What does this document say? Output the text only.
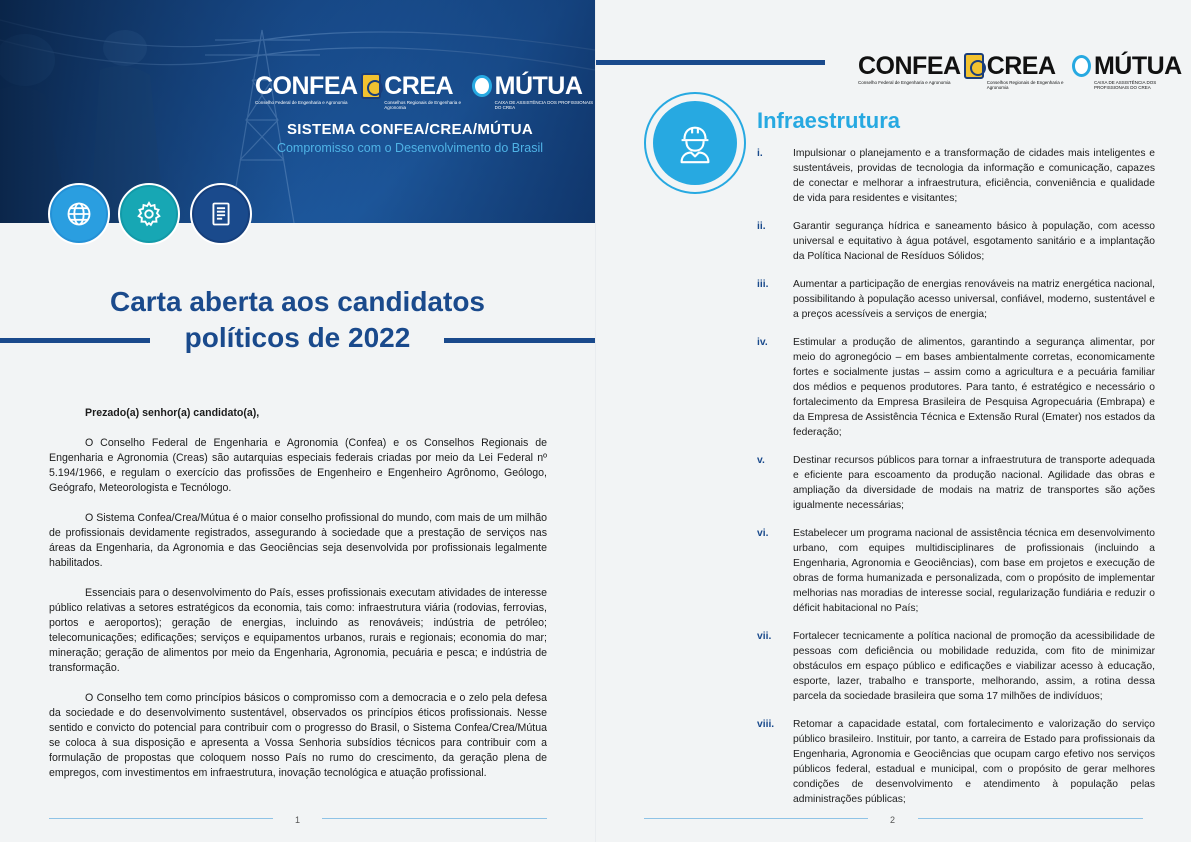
CONFEA
Conselho Federal de Engenharia e Agronomia
CREA
Conselhos Regionais de Engenharia e Agronomia
MÚTUA
CAIXA DE ASSISTÊNCIA DOS PROFISSIONAIS DO CREA
SISTEMA CONFEA/CREA/MÚTUA
Compromisso com o Desenvolvimento do Brasil
Carta aberta aos candidatos
políticos de 2022

Prezado(a) senhor(a) candidato(a),

O Conselho Federal de Engenharia e Agronomia (Confea) e os Conselhos Regionais de Engenharia e Agronomia (Creas) são autarquias especiais federais criadas por meio da Lei Federal nº 5.194/1966, e regulam o exercício das profissões de Engenheiro e Engenheiro Agrônomo, Geólogo, Geógrafo, Meteorologista e Tecnólogo.

O Sistema Confea/Crea/Mútua é o maior conselho profissional do mundo, com mais de um milhão de profissionais devidamente registrados, assegurando à sociedade que a prestação de serviços nas áreas da Engenharia, da Agronomia e das Geociências seja desenvolvida por profissionais legalmente habilitados.

Essenciais para o desenvolvimento do País, esses profissionais executam atividades de interesse público relativas a setores estratégicos da economia, tais como: infraestrutura viária (rodovias, ferrovias, portos e aeroportos); geração de energias, incluindo as renováveis; indústria de petróleo; telecomunicações; edificações; serviços e equipamentos urbanos, rurais e regionais; economia do mar; mineração; geração de alimentos por meio da Engenharia, Agronomia, pecuária e pesca; e indústria de transformação.

O Conselho tem como princípios básicos o compromisso com a democracia e o zelo pela defesa da sociedade e do desenvolvimento sustentável, observados os princípios éticos profissionais. Nesse sentido e convicto do potencial para contribuir com o progresso do Brasil, o Sistema Confea/Crea/Mútua se coloca à sua disposição e apresenta a Vossa Senhoria subsídios técnicos para contribuir com a formulação de propostas que coloquem nosso País no rumo do crescimento, da geração plena de empregos, com investimentos em infraestrutura, inovação tecnológica e atuação profissional.

1
CONFEA
Conselho Federal de Engenharia e Agronomia
CREA
Conselhos Regionais de Engenharia e Agronomia
MÚTUA
CAIXA DE ASSISTÊNCIA DOS PROFISSIONAIS DO CREA
Infraestrutura
i.	Impulsionar o planejamento e a transformação de cidades mais inteligentes e sustentáveis, providas de tecnologia da informação e comunicação, capazes de conectar e melhorar a infraestrutura, eficiência, conveniência e qualidade de vida para residentes e visitantes;
ii.	Garantir segurança hídrica e saneamento básico à população, com acesso universal e equitativo à água potável, esgotamento sanitário e a implantação da Política Nacional de Resíduos Sólidos;
iii.	Aumentar a participação de energias renováveis na matriz energética nacional, possibilitando à população acesso universal, confiável, moderno, sustentável e a preços acessíveis a serviços de energia;
iv.	Estimular a produção de alimentos, garantindo a segurança alimentar, por meio do agronegócio – em bases ambientalmente corretas, economicamente fortes e socialmente justas – assim como a agricultura e a pecuária familiar dos médios e pequenos produtores. Para tanto, é estratégico e necessário o fortalecimento da Empresa Brasileira de Pesquisa Agropecuária (Embrapa) e da Empresa de Assistência Técnica e Extensão Rural (Emater) nos estados da federação;
v.	Destinar recursos públicos para tornar a infraestrutura de transporte adequada e eficiente para escoamento da produção nacional. Agilidade das obras e ampliação da diversidade de modais na matriz de transportes são ações igualmente necessárias;
vi.	Estabelecer um programa nacional de assistência técnica em desenvolvimento urbano, com equipes multidisciplinares de profissionais (incluindo a Engenharia, Agronomia e Geociências), com base em projetos e execução de obras de forma humanizada e personalizada, com o propósito de implementar melhorias nas moradias de interesse social, regularização fundiária e reduzir o déficit habitacional no País;
vii.	Fortalecer tecnicamente a política nacional de promoção da acessibilidade de pessoas com deficiência ou mobilidade reduzida, com fito de minimizar obstáculos em espaço público e edificações e viabilizar acesso à educação, esporte, lazer, trabalho e transporte, melhorando, assim, a rotina dessa parcela da sociedade brasileira que soma 17 milhões de indivíduos;
viii.	Retomar a capacidade estatal, com fortalecimento e valorização do serviço público brasileiro. Instituir, por tanto, a carreira de Estado para profissionais da Engenharia, Agronomia e Geociências que ocupam cargo efetivo nos serviços públicos federal, estadual e municipal, com o propósito de gerar melhores condições de desenvolvimento e atendimento à população pelas administrações públicas;
2
